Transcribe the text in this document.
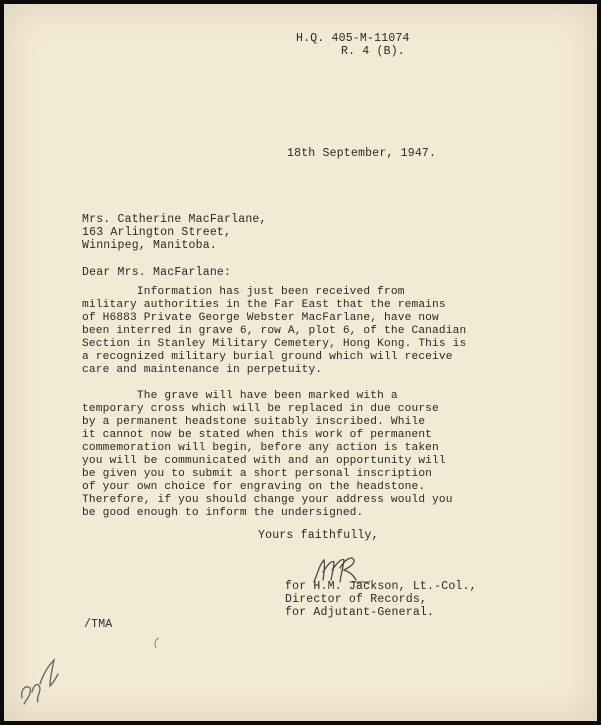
H.Q. 405-M-11074
R. 4 (B).
18th September, 1947.
Mrs. Catherine MacFarlane,
163 Arlington Street,
Winnipeg, Manitoba.
Dear Mrs. MacFarlane:
Information has just been received from
military authorities in the Far East that the remains
of H6883 Private George Webster MacFarlane, have now
been interred in grave 6, row A, plot 6, of the Canadian
Section in Stanley Military Cemetery, Hong Kong. This is
a recognized military burial ground which will receive
care and maintenance in perpetuity.
The grave will have been marked with a
temporary cross which will be replaced in due course
by a permanent headstone suitably inscribed. While
it cannot now be stated when this work of permanent
commemoration will begin, before any action is taken
you will be communicated with and an opportunity will
be given you to submit a short personal inscription
of your own choice for engraving on the headstone.
Therefore, if you should change your address would you
be good enough to inform the undersigned.
Yours faithfully,
for H.M. Jackson, Lt.-Col.,
Director of Records,
for Adjutant-General.
/TMA
